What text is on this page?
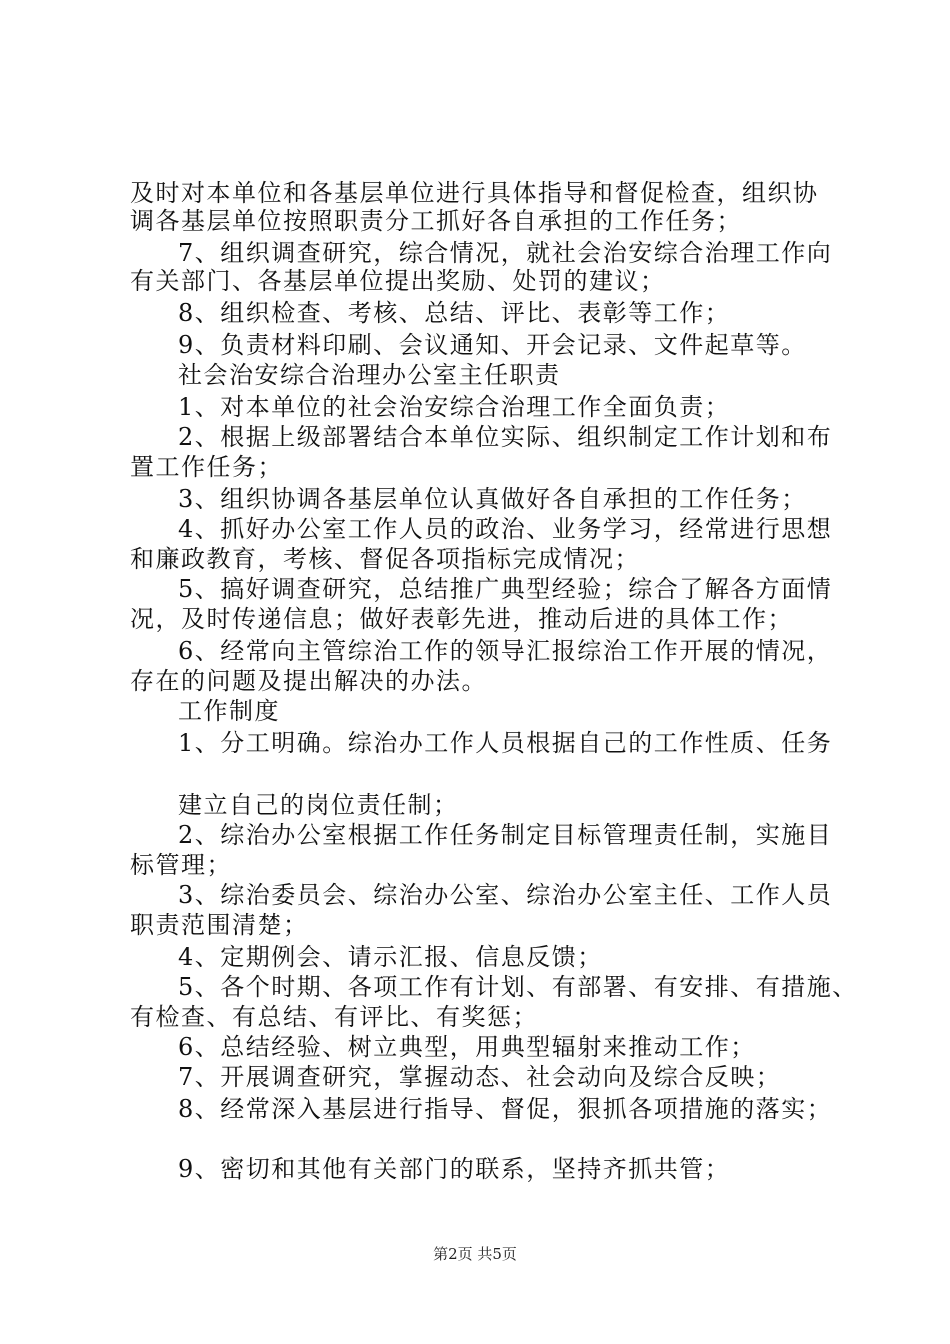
及时对本单位和各基层单位进行具体指导和督促检查，组织协
调各基层单位按照职责分工抓好各自承担的工作任务；
7、组织调查研究，综合情况，就社会治安综合治理工作向
有关部门、各基层单位提出奖励、处罚的建议；
8、组织检查、考核、总结、评比、表彰等工作；
9、负责材料印刷、会议通知、开会记录、文件起草等。
社会治安综合治理办公室主任职责
1、对本单位的社会治安综合治理工作全面负责；
2、根据上级部署结合本单位实际、组织制定工作计划和布
置工作任务；
3、组织协调各基层单位认真做好各自承担的工作任务；
4、抓好办公室工作人员的政治、业务学习，经常进行思想
和廉政教育，考核、督促各项指标完成情况；
5、搞好调查研究，总结推广典型经验；综合了解各方面情
况，及时传递信息；做好表彰先进，推动后进的具体工作；
6、经常向主管综治工作的领导汇报综治工作开展的情况，
存在的问题及提出解决的办法。
工作制度
1、分工明确。综治办工作人员根据自己的工作性质、任务
建立自己的岗位责任制；
2、综治办公室根据工作任务制定目标管理责任制，实施目
标管理；
3、综治委员会、综治办公室、综治办公室主任、工作人员
职责范围清楚；
4、定期例会、请示汇报、信息反馈；
5、各个时期、各项工作有计划、有部署、有安排、有措施、
有检查、有总结、有评比、有奖惩；
6、总结经验、树立典型，用典型辐射来推动工作；
7、开展调查研究，掌握动态、社会动向及综合反映；
8、经常深入基层进行指导、督促，狠抓各项措施的落实；
9、密切和其他有关部门的联系，坚持齐抓共管；
第2页 共5页
